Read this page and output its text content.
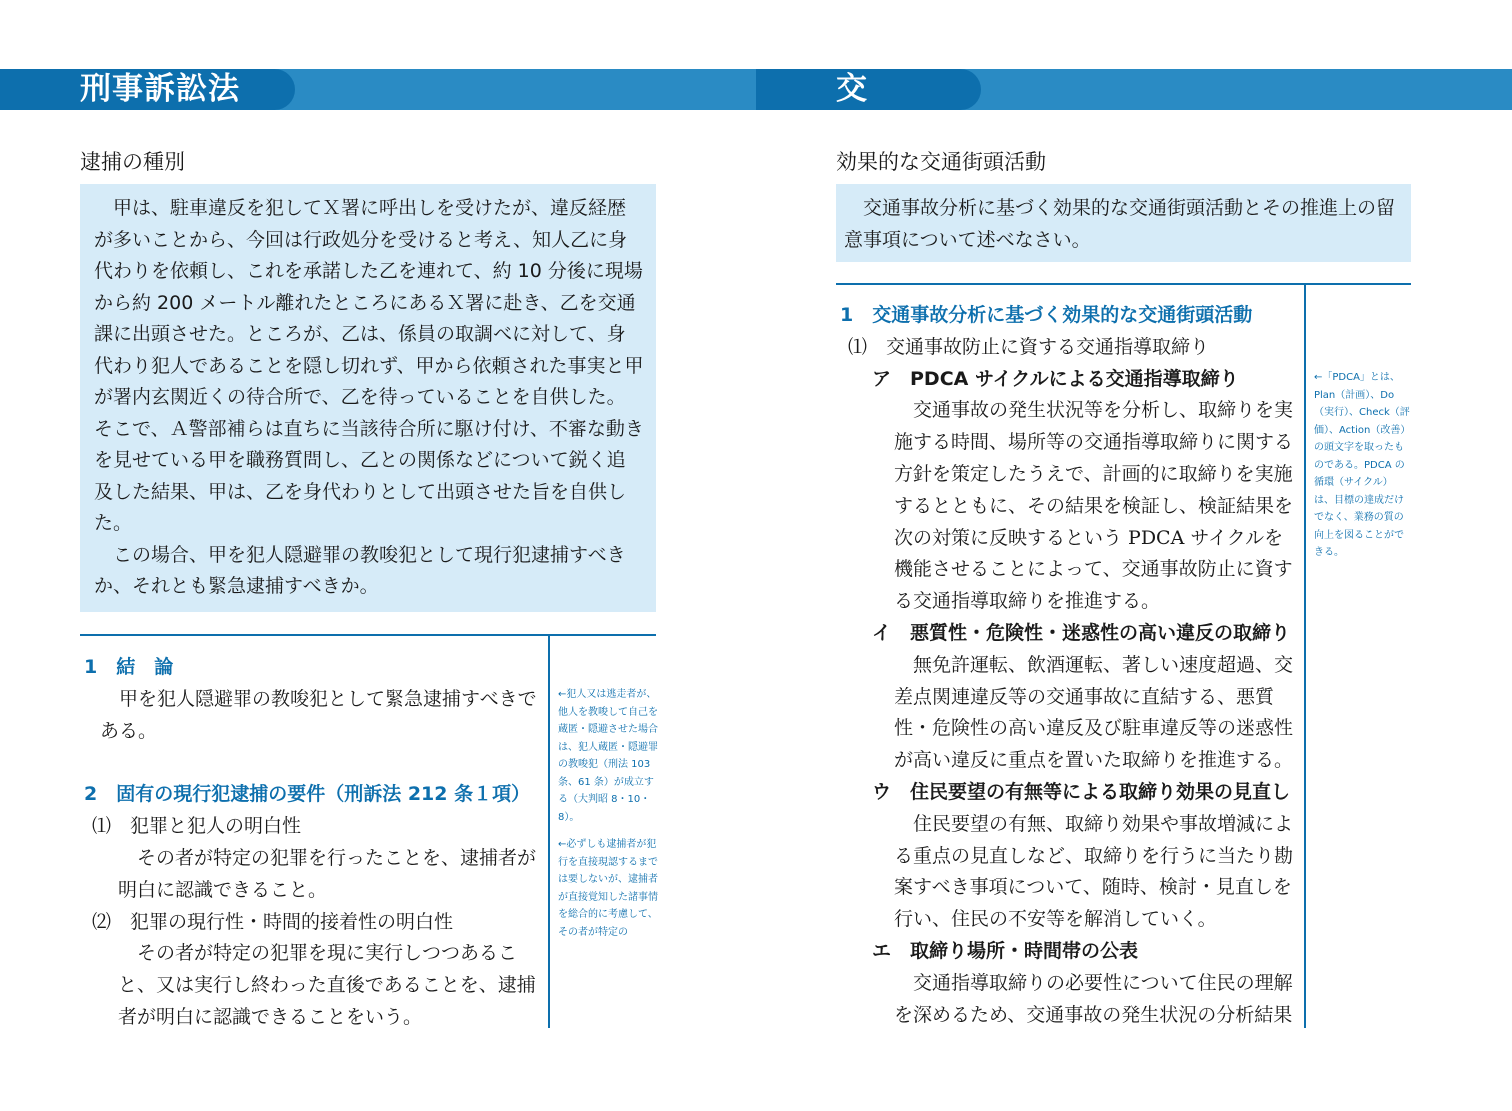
刑事訴訟法	交　通
逮捕の種別

甲は、駐車違反を犯してＸ署に呼出しを受けたが、違反経歴が多いことから、今回は行政処分を受けると考え、知人乙に身代わりを依頼し、これを承諾した乙を連れて、約 10 分後に現場から約 200 メートル離れたところにあるＸ署に赴き、乙を交通課に出頭させた。ところが、乙は、係員の取調べに対して、身代わり犯人であることを隠し切れず、甲から依頼された事実と甲が署内玄関近くの待合所で、乙を待っていることを自供した。そこで、Ａ警部補らは直ちに当該待合所に駆け付け、不審な動きを見せている甲を職務質問し、乙との関係などについて鋭く追及した結果、甲は、乙を身代わりとして出頭させた旨を自供した。

この場合、甲を犯人隠避罪の教唆犯として現行犯逮捕すべきか、それとも緊急逮捕すべきか。

1　結　論
甲を犯人隠避罪の教唆犯として緊急逮捕すべきである。
2　固有の現行犯逮捕の要件（刑訴法 212 条１項）
⑴　犯罪と犯人の明白性
その者が特定の犯罪を行ったことを、逮捕者が明白に認識できること。
⑵　犯罪の現行性・時間的接着性の明白性
その者が特定の犯罪を現に実行しつつあること、又は実行し終わった直後であることを、逮捕者が明白に認識できることをいう。

←犯人又は逃走者が、他人を教唆して自己を蔵匿・隠避させた場合は、犯人蔵匿・隠避罪の教唆犯（刑法 103 条、61 条）が成立する（大判昭 8・10・8）。

←必ずしも逮捕者が犯行を直接現認するまでは要しないが、逮捕者が直接覚知した諸事情を総合的に考慮して、その者が特定の

効果的な交通街頭活動

交通事故分析に基づく効果的な交通街頭活動とその推進上の留意事項について述べなさい。

1　交通事故分析に基づく効果的な交通街頭活動
⑴　交通事故防止に資する交通指導取締り
ア　PDCA サイクルによる交通指導取締り
交通事故の発生状況等を分析し、取締りを実施する時間、場所等の交通指導取締りに関する方針を策定したうえで、計画的に取締りを実施するとともに、その結果を検証し、検証結果を次の対策に反映するという PDCA サイクルを機能させることによって、交通事故防止に資する交通指導取締りを推進する。
イ　悪質性・危険性・迷惑性の高い違反の取締り
無免許運転、飲酒運転、著しい速度超過、交差点関連違反等の交通事故に直結する、悪質性・危険性の高い違反及び駐車違反等の迷惑性が高い違反に重点を置いた取締りを推進する。
ウ　住民要望の有無等による取締り効果の見直し
住民要望の有無、取締り効果や事故増減による重点の見直しなど、取締りを行うに当たり勘案すべき事項について、随時、検討・見直しを行い、住民の不安等を解消していく。
エ　取締り場所・時間帯の公表
交通指導取締りの必要性について住民の理解を深めるため、交通事故の発生状況の分析結果

←「PDCA」とは、Plan（計画）、Do（実行）、Check（評価）、Action（改善）の頭文字を取ったものである。PDCA の循環（サイクル）は、目標の達成だけでなく、業務の質の向上を図ることができる。
